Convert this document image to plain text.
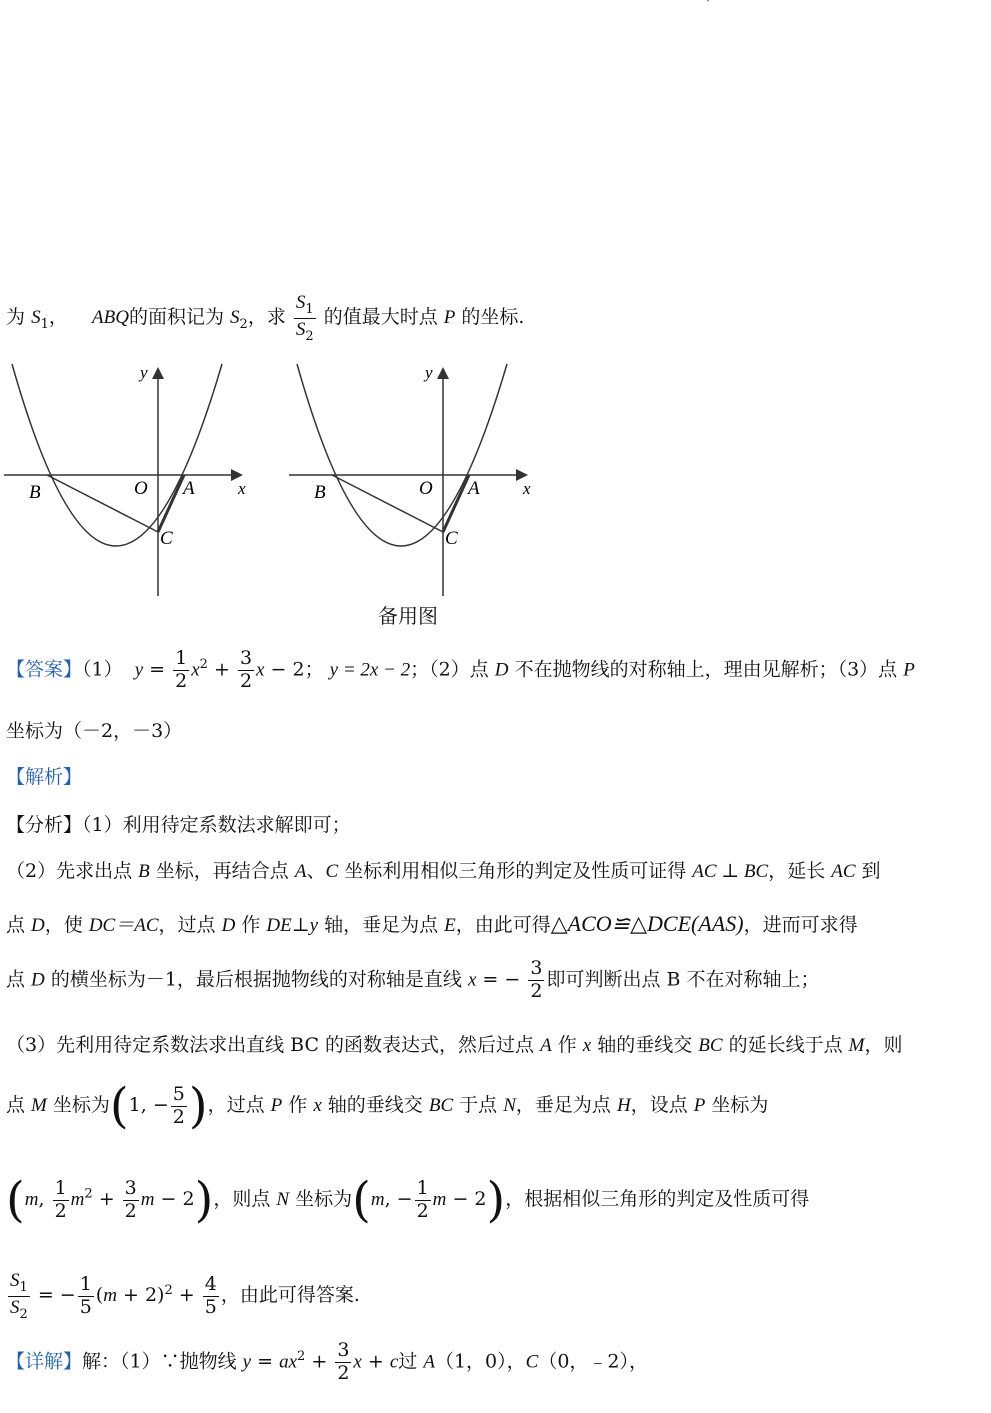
·
为 $S_1$， ABQ的面积记为 $S_2$，求 $\frac{S_1}{S_2}$ 的值最大时点 P 的坐标.
y
x
O A
B
C
y
x
O A
B
C
备用图
【答案】（1） $y = \frac{1}{2} x^2 + \frac{3}{2}$ x − 2； y = 2x − 2；（2）点 D 不在抛物线的对称轴上，理由见解析；（3）点 P
坐标为（－2，－3）
【解析】
【分析】（1）利用待定系数法求解即可；
（2）先求出点 B 坐标，再结合点 A、C 坐标利用相似三角形的判定及性质可证得 AC ⊥ BC，延长 AC 到
点 D，使 DC＝AC，过点 D 作 DE⊥y 轴，垂足为点 E，由此可得△ACO≌△DCE(AAS)，进而可求得
点 D 的横坐标为－1，最后根据抛物线的对称轴是直线 x = − $\frac{3}{2}$ 即可判断出点 B 不在对称轴上；
（3）先利用待定系数法求出直线 BC 的函数表达式，然后过点 A 作 x 轴的垂线交 BC 的延长线于点 M，则
点 M 坐标为(1, − $\frac{5}{2}$ )，过点 P 作 x 轴的垂线交 BC 于点 N，垂足为点 H，设点 P 坐标为
(m, $\frac{1}{2} m^2 + \frac{3}{2}$ m − 2)，则点 N 坐标为(m, − $\frac{1}{2}$ m − 2)，根据相似三角形的判定及性质可得
$\frac{S_1}{S_2}$ = − $\frac{1}{5} (m + 2)^2 + \frac{4}{5}$ ，由此可得答案.
【详解】解：（1）∵抛物线 $y = ax^2 + \frac{3}{2}$ x + c过 A（1，0），C（0，﹣2），
